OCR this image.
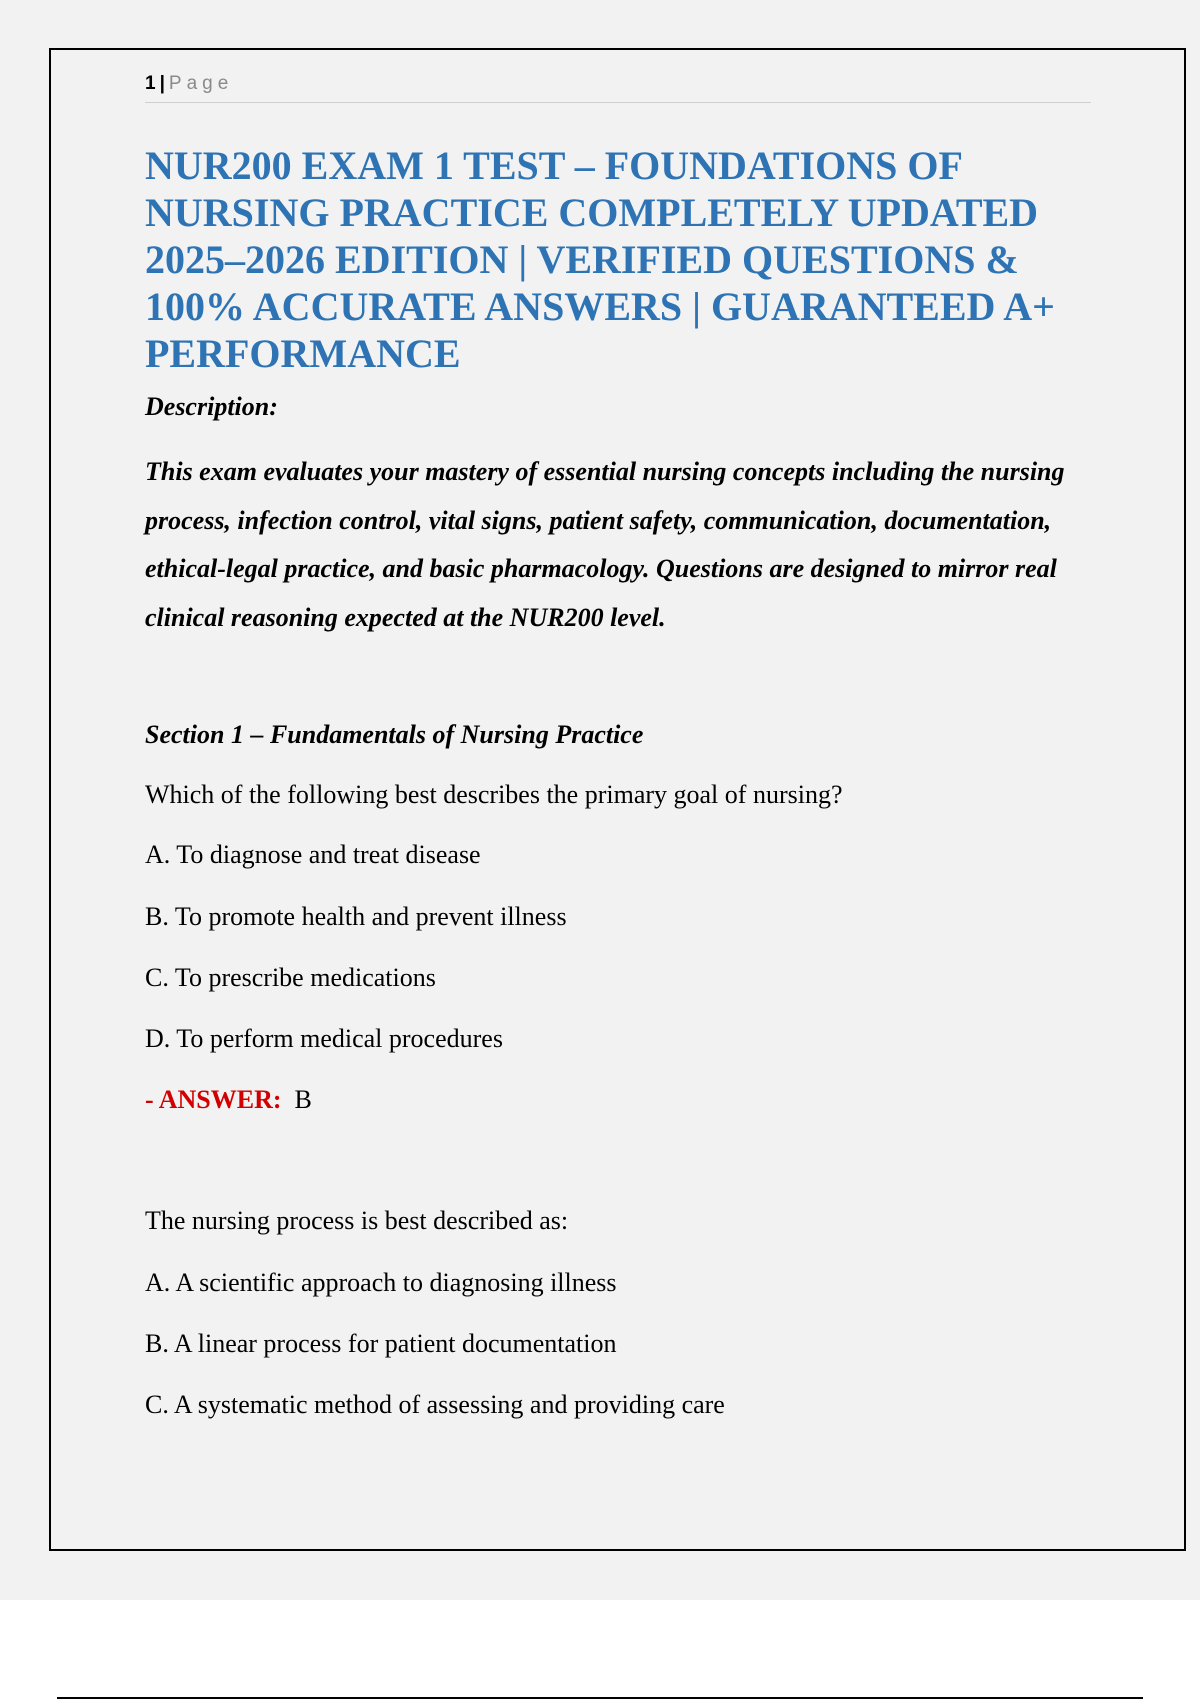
1 | Page
NUR200 EXAM 1 TEST – FOUNDATIONS OF NURSING PRACTICE COMPLETELY UPDATED 2025–2026 EDITION | VERIFIED QUESTIONS & 100% ACCURATE ANSWERS | GUARANTEED A+ PERFORMANCE
Description:
This exam evaluates your mastery of essential nursing concepts including the nursing process, infection control, vital signs, patient safety, communication, documentation, ethical-legal practice, and basic pharmacology. Questions are designed to mirror real clinical reasoning expected at the NUR200 level.
Section 1 – Fundamentals of Nursing Practice
Which of the following best describes the primary goal of nursing?
A. To diagnose and treat disease
B. To promote health and prevent illness
C. To prescribe medications
D. To perform medical procedures
- ANSWER: B
The nursing process is best described as:
A. A scientific approach to diagnosing illness
B. A linear process for patient documentation
C. A systematic method of assessing and providing care
